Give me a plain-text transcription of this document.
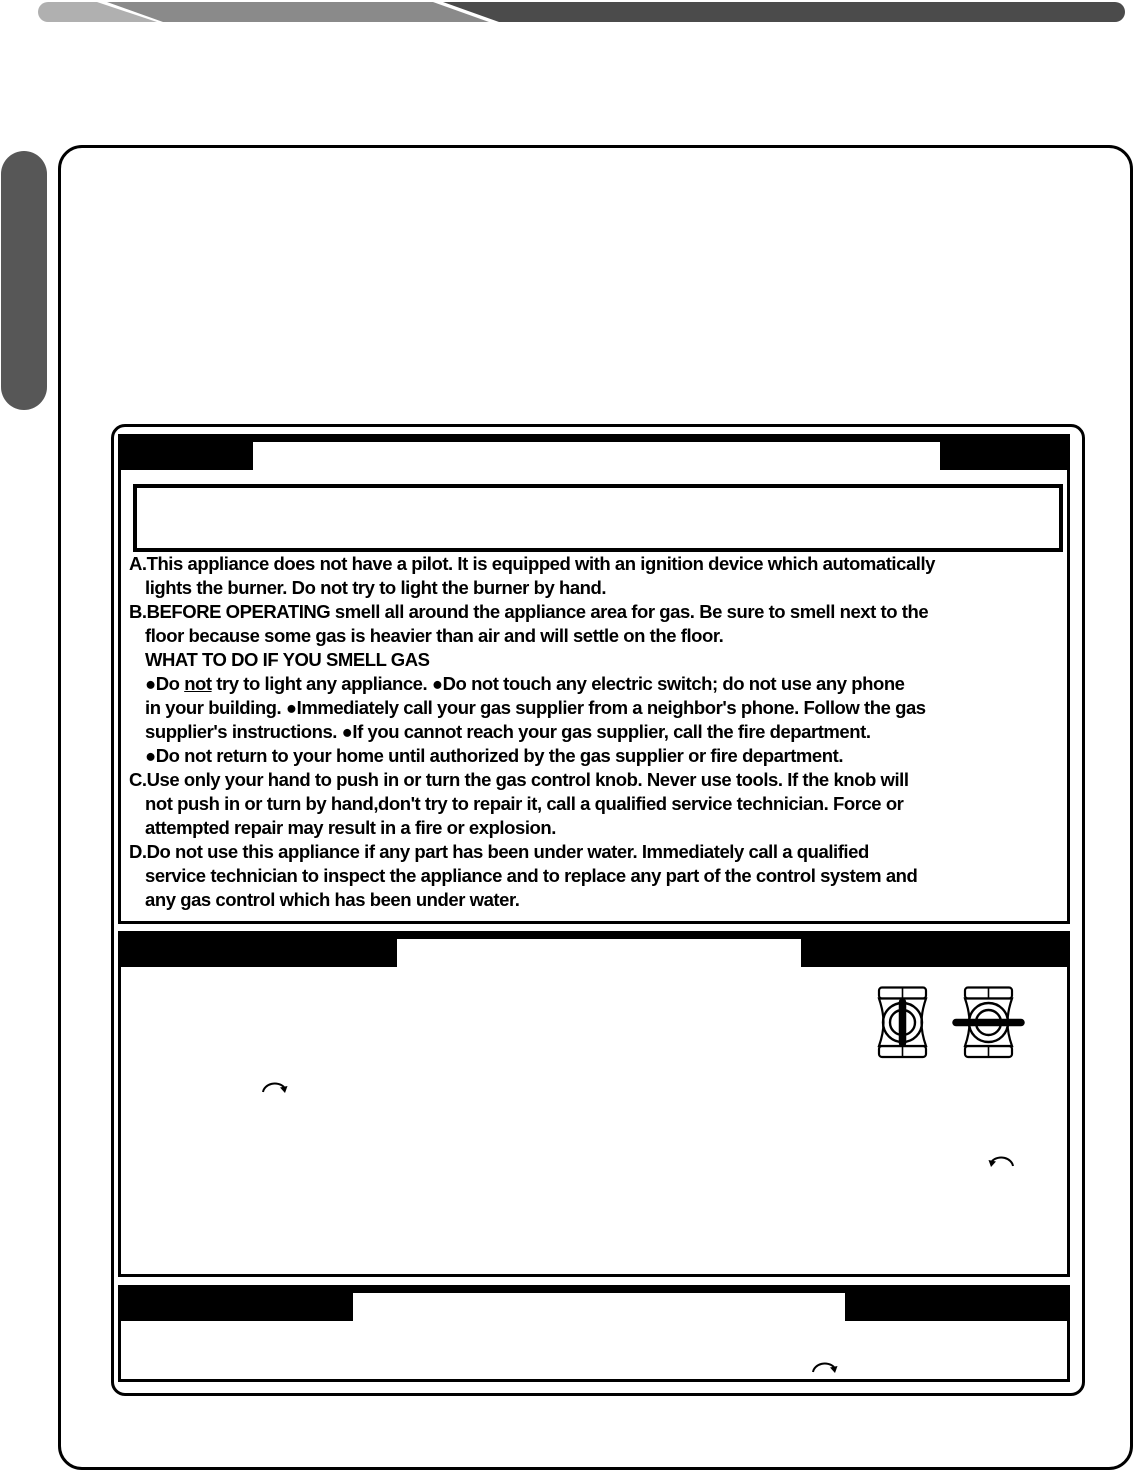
A.This appliance does not have a pilot. It is equipped with an ignition device which automatically
lights the burner. Do not try to light the burner by hand.
B.BEFORE OPERATING smell all around the appliance area for gas. Be sure to smell next to the
floor because some gas is heavier than air and will settle on the floor.
WHAT TO DO IF YOU SMELL GAS
●Do not try to light any appliance. ●Do not touch any electric switch; do not use any phone
in your building. ●Immediately call your gas supplier from a neighbor's phone. Follow the gas
supplier's instructions. ●If you cannot reach your gas supplier, call the fire department.
●Do not return to your home until authorized by the gas supplier or fire department.
C.Use only your hand to push in or turn the gas control knob. Never use tools. If the knob will
not push in or turn by hand,don't try to repair it, call a qualified service technician. Force or
attempted repair may result in a fire or explosion.
D.Do not use this appliance if any part has been under water. Immediately call a qualified
service technician to inspect the appliance and to replace any part of the control system and
any gas control which has been under water.
